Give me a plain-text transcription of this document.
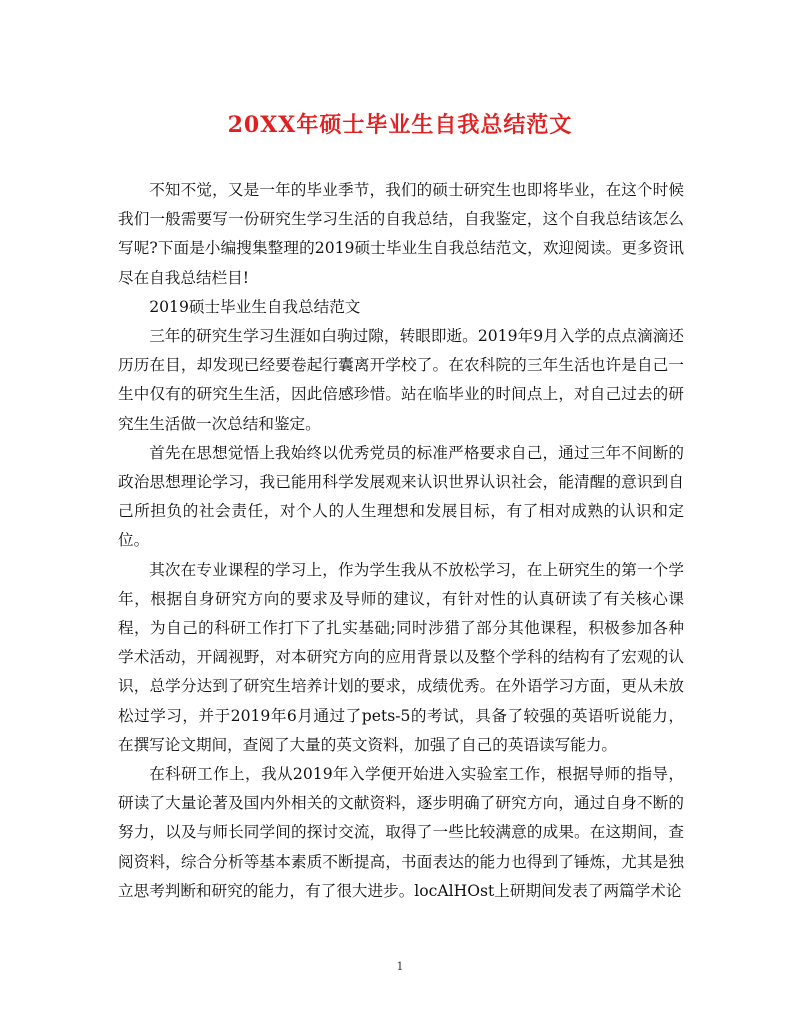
20XX年硕士毕业生自我总结范文

不知不觉，又是一年的毕业季节，我们的硕士研究生也即将毕业，在这个时候我们一般需要写一份研究生学习生活的自我总结，自我鉴定，这个自我总结该怎么写呢?下面是小编搜集整理的2019硕士毕业生自我总结范文，欢迎阅读。更多资讯尽在自我总结栏目!

2019硕士毕业生自我总结范文

三年的研究生学习生涯如白驹过隙，转眼即逝。2019年9月入学的点点滴滴还历历在目，却发现已经要卷起行囊离开学校了。在农科院的三年生活也许是自己一生中仅有的研究生生活，因此倍感珍惜。站在临毕业的时间点上，对自己过去的研究生生活做一次总结和鉴定。

首先在思想觉悟上我始终以优秀党员的标准严格要求自己，通过三年不间断的政治思想理论学习，我已能用科学发展观来认识世界认识社会，能清醒的意识到自己所担负的社会责任，对个人的人生理想和发展目标，有了相对成熟的认识和定位。

其次在专业课程的学习上，作为学生我从不放松学习，在上研究生的第一个学年，根据自身研究方向的要求及导师的建议，有针对性的认真研读了有关核心课程，为自己的科研工作打下了扎实基础;同时涉猎了部分其他课程，积极参加各种学术活动，开阔视野，对本研究方向的应用背景以及整个学科的结构有了宏观的认识，总学分达到了研究生培养计划的要求，成绩优秀。在外语学习方面，更从未放松过学习，并于2019年6月通过了pets-5的考试，具备了较强的英语听说能力，在撰写论文期间，查阅了大量的英文资料，加强了自己的英语读写能力。

在科研工作上，我从2019年入学便开始进入实验室工作，根据导师的指导，研读了大量论著及国内外相关的文献资料，逐步明确了研究方向，通过自身不断的努力，以及与师长同学间的探讨交流，取得了一些比较满意的成果。在这期间，查阅资料，综合分析等基本素质不断提高，书面表达的能力也得到了锤炼，尤其是独立思考判断和研究的能力，有了很大进步。locAlHOst上研期间发表了两篇学术论

1
